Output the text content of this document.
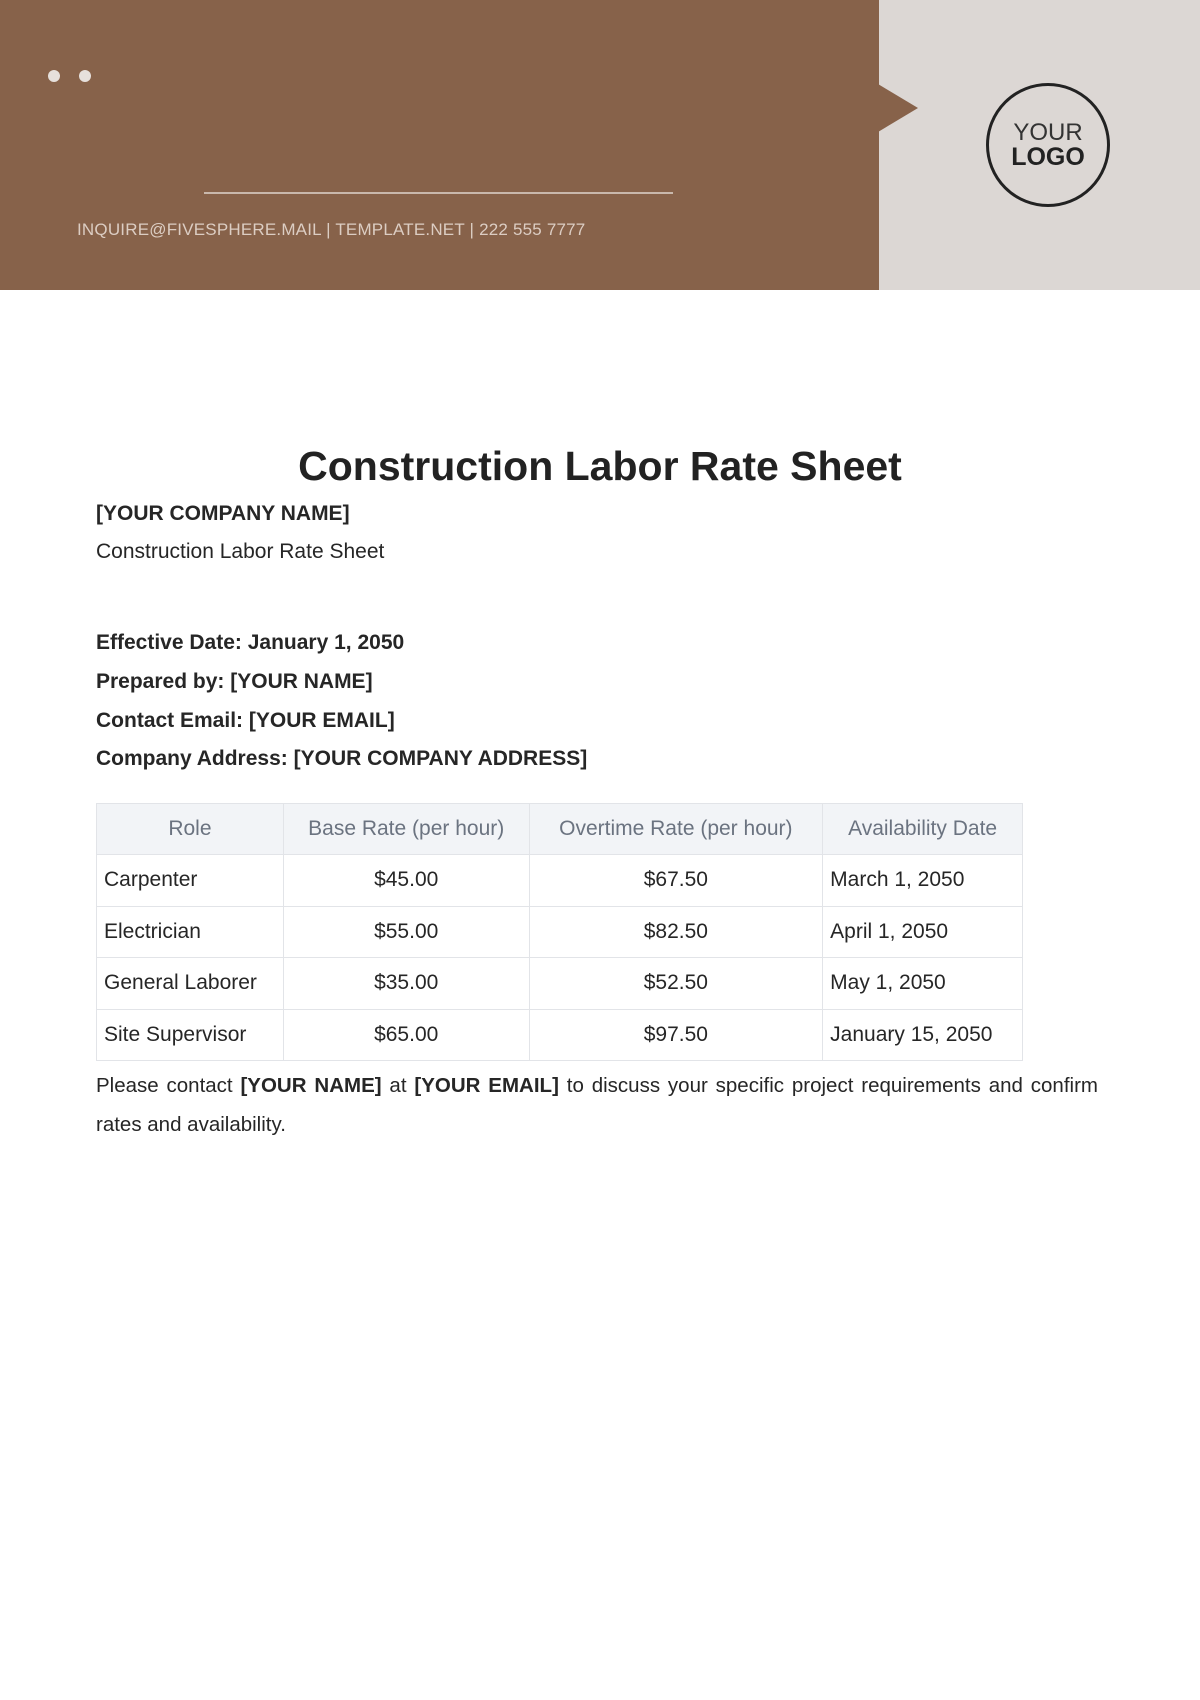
INQUIRE@FIVESPHERE.MAIL | TEMPLATE.NET | 222 555 7777
YOUR
LOGO
Construction Labor Rate Sheet
[YOUR COMPANY NAME]
Construction Labor Rate Sheet
Effective Date: January 1, 2050
Prepared by: [YOUR NAME]
Contact Email: [YOUR EMAIL]
Company Address: [YOUR COMPANY ADDRESS]
Role	Base Rate (per hour)	Overtime Rate (per hour)	Availability Date
Carpenter	$45.00	$67.50	March 1, 2050
Electrician	$55.00	$82.50	April 1, 2050
General Laborer	$35.00	$52.50	May 1, 2050
Site Supervisor	$65.00	$97.50	January 15, 2050

Please contact [YOUR NAME] at [YOUR EMAIL] to discuss your specific project requirements and confirm rates and availability.
